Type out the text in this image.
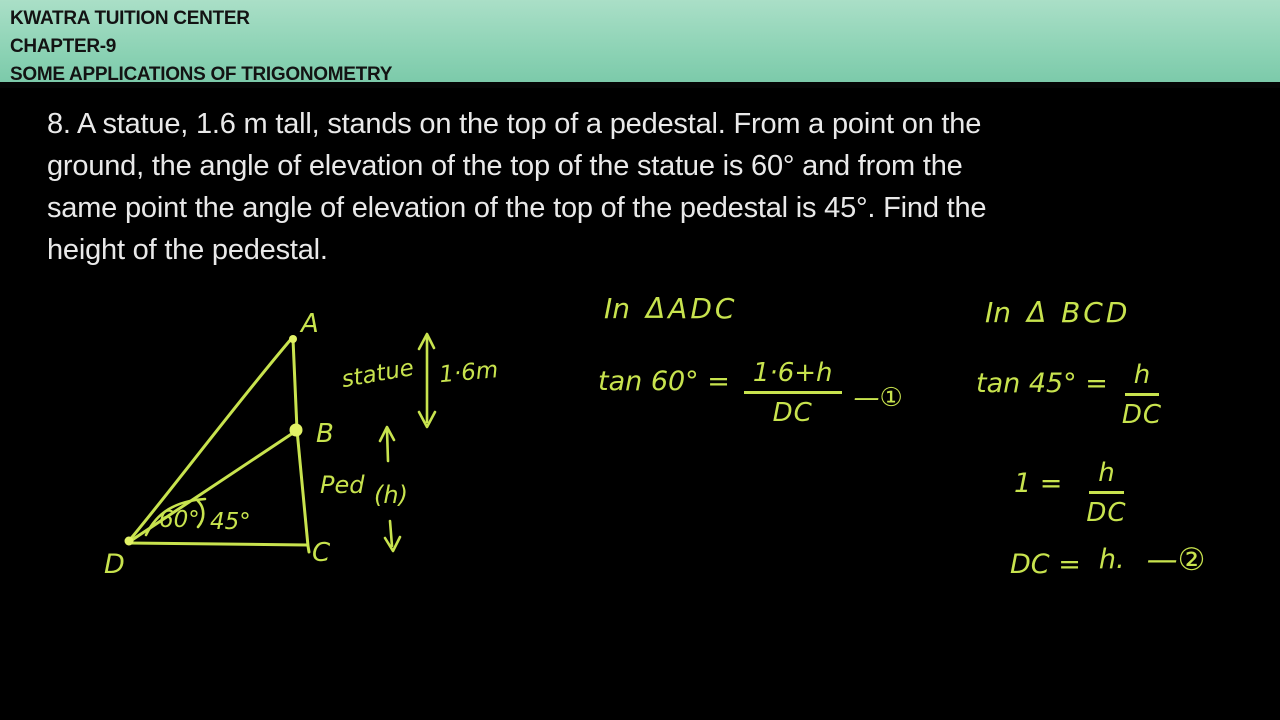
KWATRA TUITION CENTER
CHAPTER-9
SOME APPLICATIONS OF TRIGONOMETRY
8. A statue, 1.6 m tall, stands on the top of a pedestal. From a point on the
ground, the angle of elevation of the top of the statue is 60° and from the
same point the angle of elevation of the top of the pedestal is 45°. Find the
height of the pedestal.
A
B
C
D
60° 45°
statue 1·6m
Ped (h)
In ΔADC
$\tan 60^\circ = \frac{1\cdot 6+h}{DC}$ —①
In Δ BCD
$\tan 45^\circ = \frac{h}{DC}$
$1 = \frac{h}{DC}$
DC = h. —②
